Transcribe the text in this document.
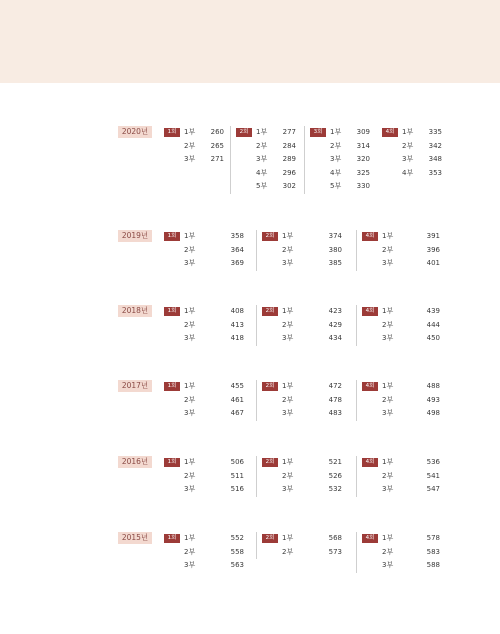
2020년	1회	1부	260
2부	265
3부	271
2회	1부	277
2부	284
3부	289
4부	296
5부	302
3회	1부	309
2부	314
3부	320
4부	325
5부	330
4회	1부	335
2부	342
3부	348
4부	353
2019년	1회	1부	358
2부	364
3부	369
2회	1부	374
2부	380
3부	385
4회	1부	391
2부	396
3부	401
2018년	1회	1부	408
2부	413
3부	418
2회	1부	423
2부	429
3부	434
4회	1부	439
2부	444
3부	450
2017년	1회	1부	455
2부	461
3부	467
2회	1부	472
2부	478
3부	483
4회	1부	488
2부	493
3부	498
2016년	1회	1부	506
2부	511
3부	516
2회	1부	521
2부	526
3부	532
4회	1부	536
2부	541
3부	547
2015년	1회	1부	552
2부	558
3부	563
2회	1부	568
2부	573
4회	1부	578
2부	583
3부	588
